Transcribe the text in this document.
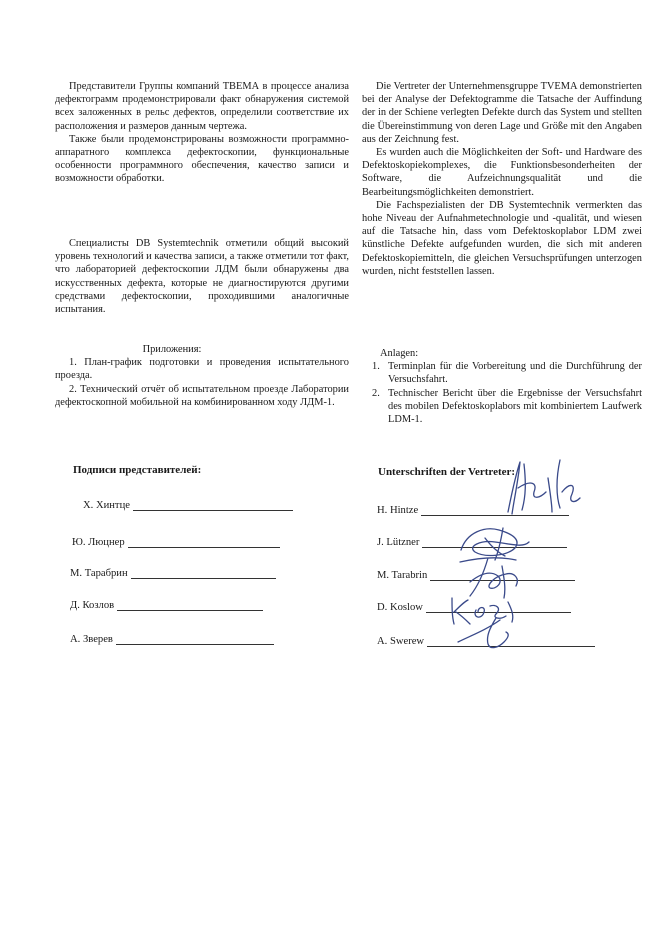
Представители Группы компаний ТВЕМА в процессе анализа дефектограмм продемонстрировали факт обнаружения системой всех заложенных в рельс дефектов, определили соответствие их расположения и размеров данным чертежа.

Также были продемонстрированы возможности программно-аппаратного комплекса дефектоскопии, функциональные особенности программного обеспечения, качество записи и возможности обработки.

Специалисты DB Systemtechnik отметили общий высокий уровень технологий и качества записи, а также отметили тот факт, что лабораторией дефектоскопии ЛДМ были обнаружены два искусственных дефекта, которые не диагностируются другими средствами дефектоскопии, проходившими аналогичные испытания.

Приложения:

1. План-график подготовки и проведения испытательного проезда.
2. Технический отчёт об испытательном проезде Лаборатории дефектоскопной мобильной на комбинированном ходу ЛДМ-1.

Die Vertreter der Unternehmensgruppe TVEMA demonstrierten bei der Analyse der Defektogramme die Tatsache der Auffindung der in der Schiene verlegten Defekte durch das System und stellten die Übereinstimmung von deren Lage und Größe mit den Angaben aus der Zeichnung fest.

Es wurden auch die Möglichkeiten der Soft- und Hardware des Defektoskopiekomplexes, die Funktionsbesonderheiten der Software, die Aufzeichnungsqualität und die Bearbeitungsmöglichkeiten demonstriert.

Die Fachspezialisten der DB Systemtechnik vermerkten das hohe Niveau der Aufnahmetechnologie und -qualität, und wiesen auf die Tatsache hin, dass vom Defektoskoplabor LDM zwei künstliche Defekte aufgefunden wurden, die sich mit anderen Defektoskopiemitteln, die gleichen Versuchsprüfungen unterzogen wurden, nicht feststellen lassen.

Anlagen:

1. Terminplan für die Vorbereitung und die Durchführung der Versuchsfahrt.
2. Technischer Bericht über die Ergebnisse der Versuchsfahrt des mobilen Defektoskoplabors mit kombiniertem Laufwerk LDM-1.
Подписи представителей:	Unterschriften der Vertreter:
Х. Хинтце
Ю. Люцнер
М. Тарабрин
Д. Козлов
А. Зверев
H. Hintze
J. Lützner
M. Tarabrin
D. Koslow
A. Swerew
